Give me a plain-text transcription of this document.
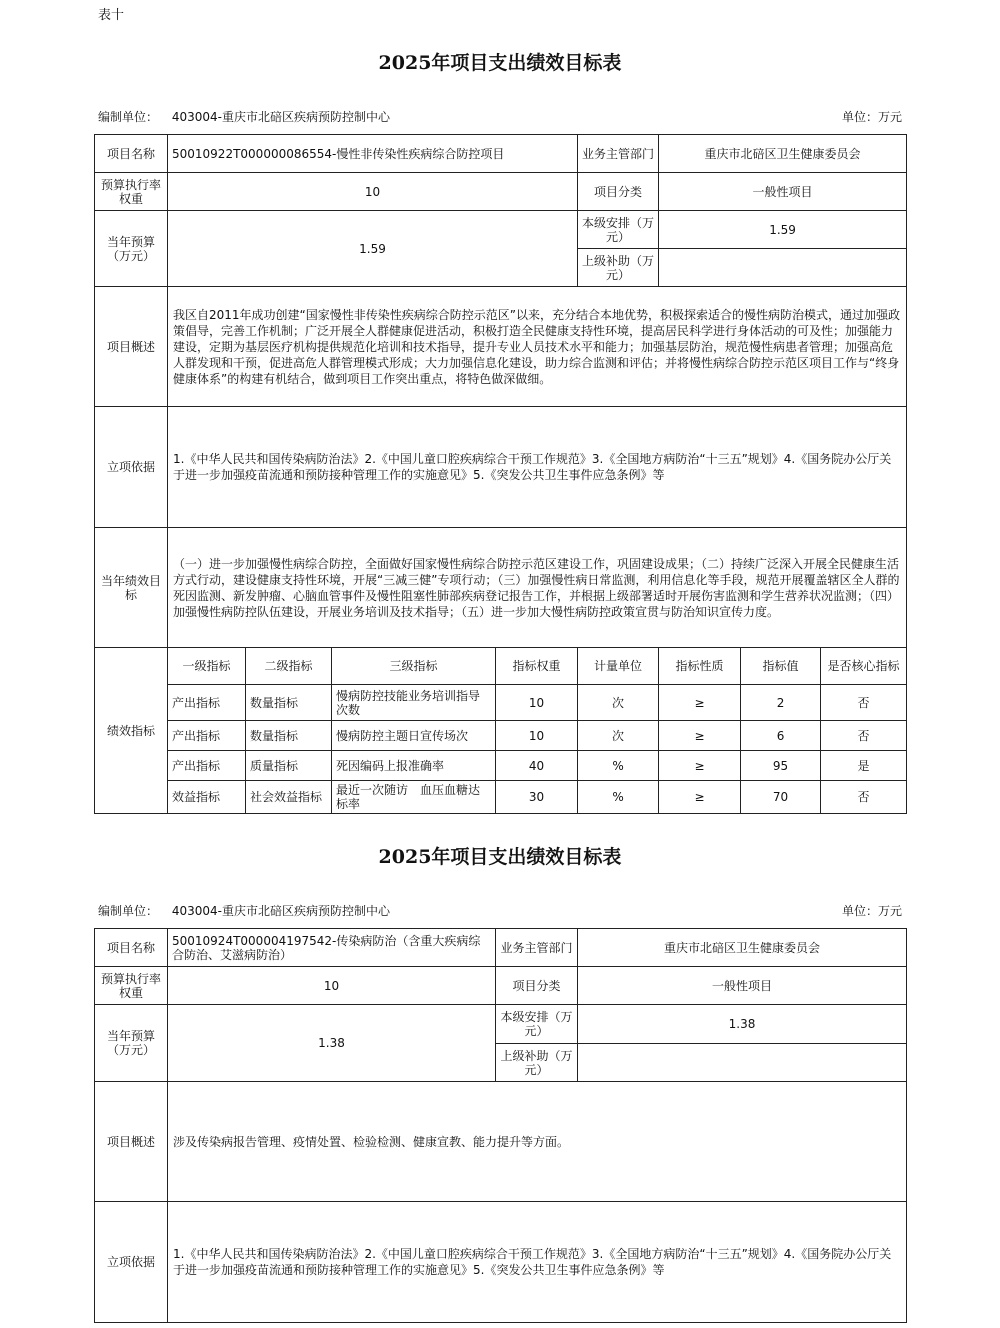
表十
2025年项目支出绩效目标表
编制单位： 403004-重庆市北碚区疾病预防控制中心	单位：万元
项目名称	50010922T000000086554-慢性非传染性疾病综合防控项目				业务主管部门	重庆市北碚区卫生健康委员会		
预算执行率权重	10				项目分类	一般性项目		
当年预算（万元）	1.59				本级安排（万元）	1.59		
					上级补助（万元）			
项目概述	我区自2011年成功创建“国家慢性非传染性疾病综合防控示范区”以来，充分结合本地优势，积极探索适合的慢性病防治模式，通过加强政策倡导，完善工作机制；广泛开展全人群健康促进活动，积极打造全民健康支持性环境，提高居民科学进行身体活动的可及性；加强能力建设，定期为基层医疗机构提供规范化培训和技术指导，提升专业人员技术水平和能力；加强基层防治，规范慢性病患者管理；加强高危人群发现和干预，促进高危人群管理模式形成；大力加强信息化建设，助力综合监测和评估；并将慢性病综合防控示范区项目工作与“终身健康体系”的构建有机结合，做到项目工作突出重点，将特色做深做细。							
立项依据	1.《中华人民共和国传染病防治法》2.《中国儿童口腔疾病综合干预工作规范》3.《全国地方病防治“十三五”规划》4.《国务院办公厅关于进一步加强疫苗流通和预防接种管理工作的实施意见》5.《突发公共卫生事件应急条例》等							
当年绩效目标	（一）进一步加强慢性病综合防控，全面做好国家慢性病综合防控示范区建设工作，巩固建设成果；（二）持续广泛深入开展全民健康生活方式行动，建设健康支持性环境，开展“三减三健”专项行动；（三）加强慢性病日常监测，利用信息化等手段，规范开展覆盖辖区全人群的死因监测、新发肿瘤、心脑血管事件及慢性阻塞性肺部疾病登记报告工作，并根据上级部署适时开展伤害监测和学生营养状况监测；（四）加强慢性病防控队伍建设，开展业务培训及技术指导；（五）进一步加大慢性病防控政策宣贯与防治知识宣传力度。							
绩效指标	一级指标	二级指标	三级指标	指标权重	计量单位	指标性质	指标值	是否核心指标
	产出指标	数量指标	慢病防控技能业务培训指导次数	10	次	≥	2	否
	产出指标	数量指标	慢病防控主题日宣传场次	10	次	≥	6	否
	产出指标	质量指标	死因编码上报准确率	40	%	≥	95	是
	效益指标	社会效益指标	最近一次随访　血压血糖达标率	30	%	≥	70	否
2025年项目支出绩效目标表
编制单位： 403004-重庆市北碚区疾病预防控制中心	单位：万元
项目名称	50010924T000004197542-传染病防治（含重大疾病综合防治、艾滋病防治）	业务主管部门	重庆市北碚区卫生健康委员会
预算执行率权重	10	项目分类	一般性项目
当年预算（万元）	1.38	本级安排（万元）	1.38
		上级补助（万元）	
项目概述	涉及传染病报告管理、疫情处置、检验检测、健康宣教、能力提升等方面。		
立项依据	1.《中华人民共和国传染病防治法》2.《中国儿童口腔疾病综合干预工作规范》3.《全国地方病防治“十三五”规划》4.《国务院办公厅关于进一步加强疫苗流通和预防接种管理工作的实施意见》5.《突发公共卫生事件应急条例》等		
